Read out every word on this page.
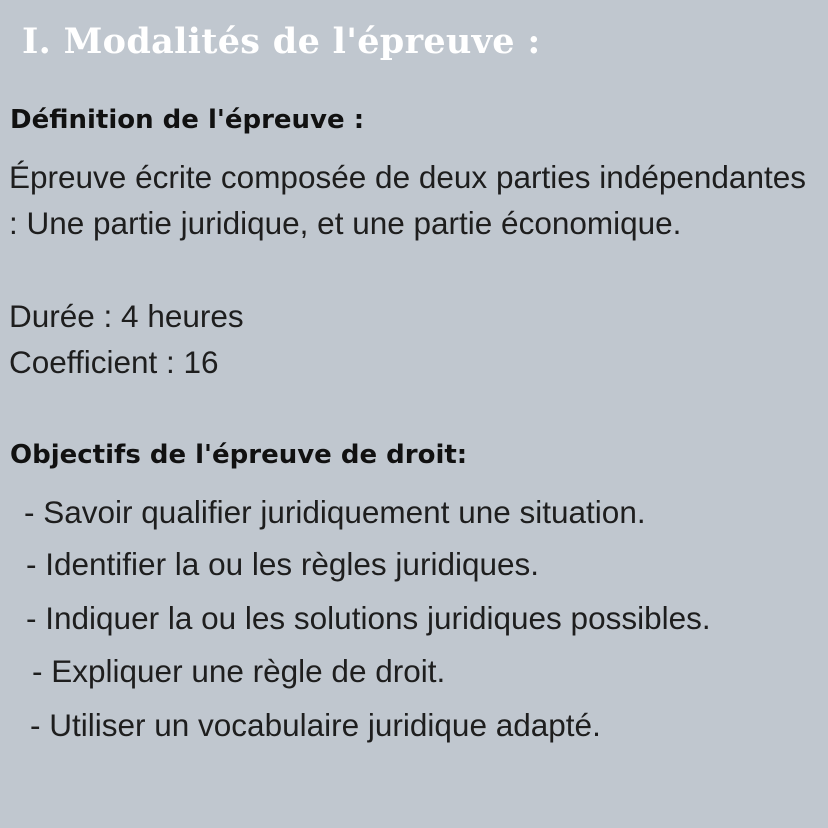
I. Modalités de l'épreuve :
Définition de l'épreuve :

Épreuve écrite composée de deux parties indépendantes : Une partie juridique, et une partie économique.

Durée : 4 heures

Coefficient : 16

Objectifs de l'épreuve de droit:

- Savoir qualifier juridiquement une situation.

- Identifier la ou les règles juridiques.

- Indiquer la ou les solutions juridiques possibles.

- Expliquer une règle de droit.

- Utiliser un vocabulaire juridique adapté.
